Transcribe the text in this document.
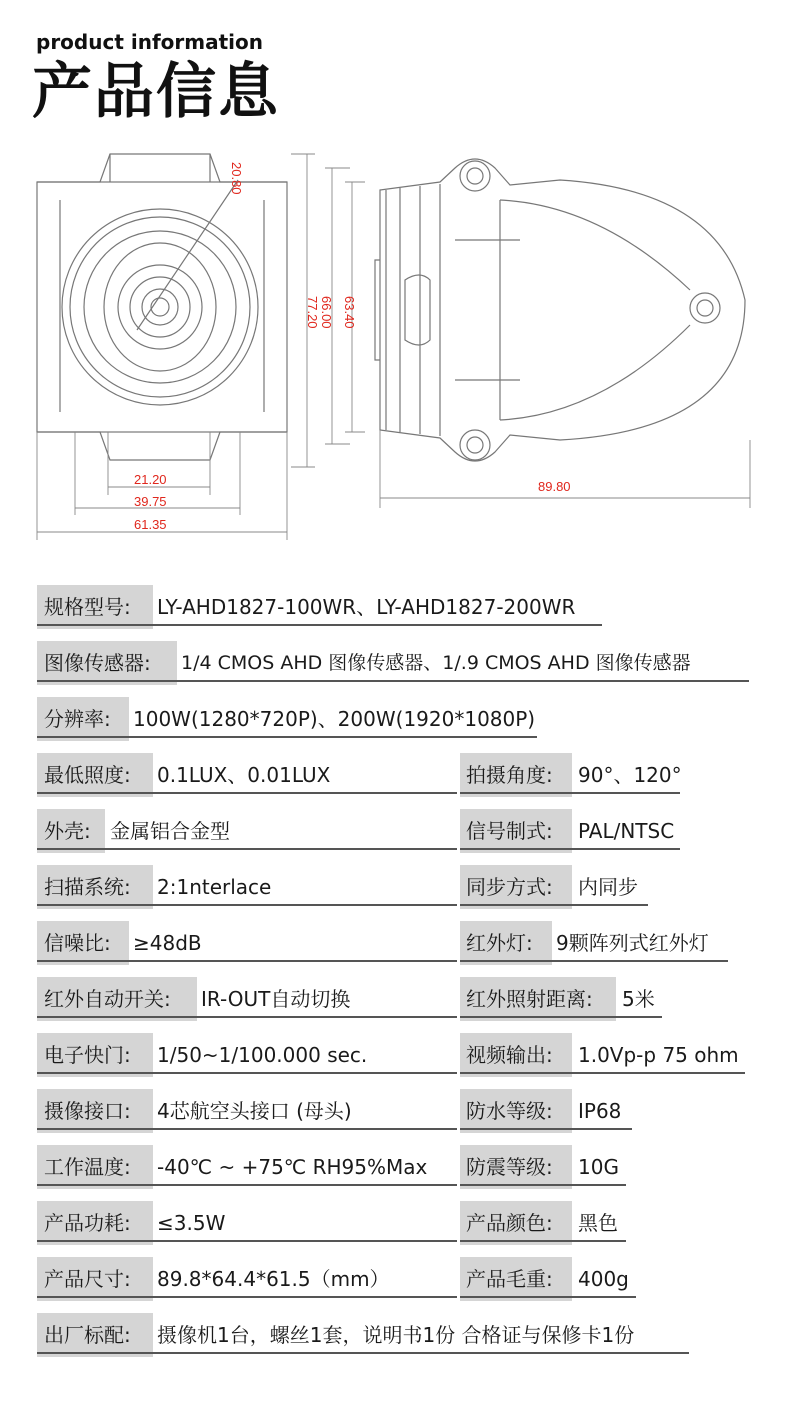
product information
产品信息
20.80
77.20 66.00 63.40
21.20
39.75
61.35
89.80
规格型号: LY-AHD1827-100WR、LY-AHD1827-200WR
图像传感器: 1/4 CMOS AHD 图像传感器、1/.9 CMOS AHD 图像传感器
分辨率: 100W(1280*720P)、200W(1920*1080P)
最低照度: 0.1LUX、0.01LUX	拍摄角度: 90°、120°
外壳: 金属铝合金型	信号制式: PAL/NTSC
扫描系统: 2:1nterlace	同步方式: 内同步
信噪比: ≥48dB	红外灯: 9颗阵列式红外灯
红外自动开关: IR-OUT自动切换	红外照射距离: 5米
电子快门: 1/50~1/100.000 sec.	视频输出: 1.0Vp-p 75 ohm
摄像接口: 4芯航空头接口 (母头)	防水等级: IP68
工作温度: -40℃ ~ +75℃ RH95%Max 防震等级: 10G
产品功耗: ≤3.5W	产品颜色: 黑色
产品尺寸: 89.8*64.4*61.5（mm）	产品毛重: 400g
出厂标配: 摄像机1台，螺丝1套，说明书1份 合格证与保修卡1份
